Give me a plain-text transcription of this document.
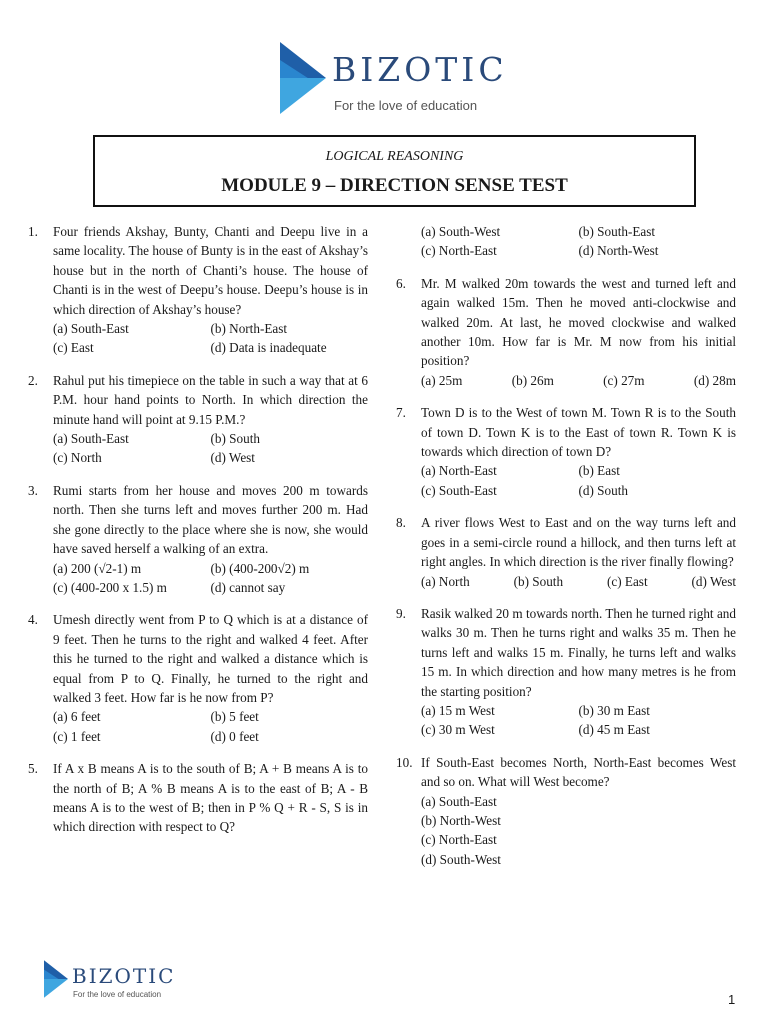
BIZOTIC
For the love of education
LOGICAL REASONING
MODULE 9 – DIRECTION SENSE TEST
1. Four friends Akshay, Bunty, Chanti and Deepu live in a same locality. The house of Bunty is in the east of Akshay’s house but in the north of Chanti’s house. The house of Chanti is in the west of Deepu’s house. Deepu’s house is in which direction of Akshay’s house?
(a) South-East	(b) North-East
(c) East	(d) Data is inadequate
2. Rahul put his timepiece on the table in such a way that at 6 P.M. hour hand points to North. In which direction the minute hand will point at 9.15 P.M.?
(a) South-East	(b) South
(c) North	(d) West
3. Rumi starts from her house and moves 200 m towards north. Then she turns left and moves further 200 m. Had she gone directly to the place where she is now, she would have saved herself a walking of an extra.
(a) 200 (√2-1) m	(b) (400-200√2) m
(c) (400-200 x 1.5) m	(d) cannot say
4. Umesh directly went from P to Q which is at a distance of 9 feet. Then he turns to the right and walked 4 feet. After this he turned to the right and walked a distance which is equal from P to Q. Finally, he turned to the right and walked 3 feet. How far is he now from P?
(a) 6 feet	(b) 5 feet
(c) 1 feet	(d) 0 feet
5. If A x B means A is to the south of B; A + B means A is to the north of B; A % B means A is to the east of B; A - B means A is to the west of B; then in P % Q + R - S, S is in which direction with respect to Q?
(a) South-West	(b) South-East
(c) North-East	(d) North-West
6. Mr. M walked 20m towards the west and turned left and again walked 15m. Then he moved anti-clockwise and walked 20m. At last, he moved clockwise and walked another 10m. How far is Mr. M now from his initial position?
(a) 25m	(b) 26m	(c) 27m	(d) 28m
7. Town D is to the West of town M. Town R is to the South of town D. Town K is to the East of town R. Town K is towards which direction of town D?
(a) North-East	(b) East
(c) South-East	(d) South
8. A river flows West to East and on the way turns left and goes in a semi-circle round a hillock, and then turns left at right angles. In which direction is the river finally flowing?
(a) North	(b) South	(c) East	(d) West
9. Rasik walked 20 m towards north. Then he turned right and walks 30 m. Then he turns right and walks 35 m. Then he turns left and walks 15 m. Finally, he turns left and walks 15 m. In which direction and how many metres is he from the starting position?
(a) 15 m West	(b) 30 m East
(c) 30 m West	(d) 45 m East
10. If South-East becomes North, North-East becomes West and so on. What will West become?
(a) South-East
(b) North-West
(c) North-East
(d) South-West
BIZOTIC
For the love of education	1
